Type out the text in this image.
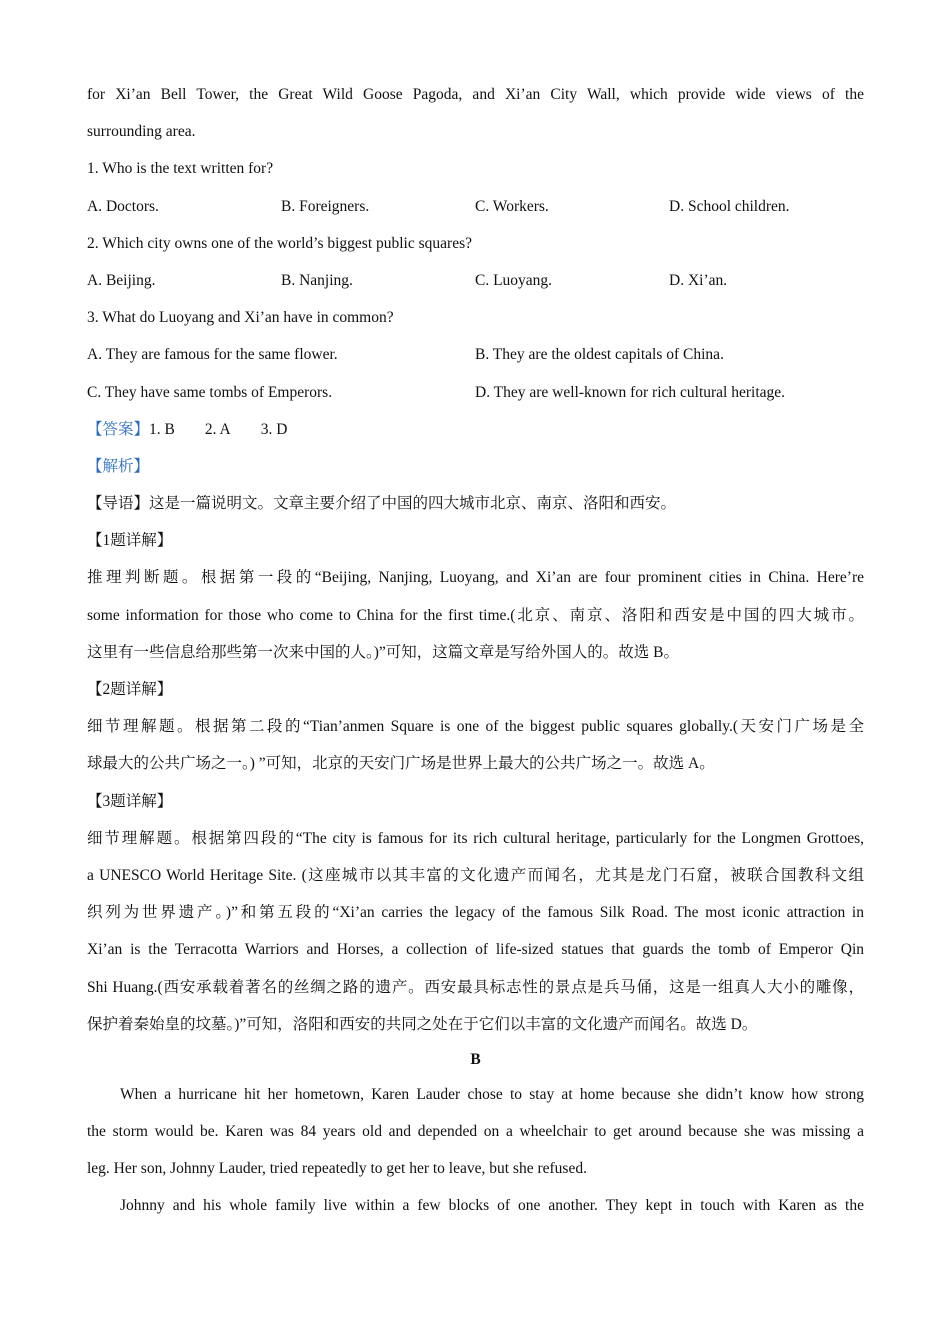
for Xi’an Bell Tower, the Great Wild Goose Pagoda, and Xi’an City Wall, which provide wide views of the
surrounding area.
1. Who is the text written for?
A. Doctors.	B. Foreigners.	C. Workers.	D. School children.
2. Which city owns one of the world’s biggest public squares?
A. Beijing.	B. Nanjing.	C. Luoyang.	D. Xi’an.
3. What do Luoyang and Xi’an have in common?
A. They are famous for the same flower.	B. They are the oldest capitals of China.
C. They have same tombs of Emperors.	D. They are well-known for rich cultural heritage.
【答案】1. B 2. A 3. D
【解析】
【导语】这是一篇说明文。文章主要介绍了中国的四大城市北京、南京、洛阳和西安。
【1题详解】
推理判断题。根据第一段的“Beijing, Nanjing, Luoyang, and Xi’an are four prominent cities in China. Here’re
some information for those who come to China for the first time.(北京、南京、洛阳和西安是中国的四大城市。
这里有一些信息给那些第一次来中国的人。)”可知，这篇文章是写给外国人的。故选 B。
【2题详解】
细节理解题。根据第二段的“Tian’anmen Square is one of the biggest public squares globally.(天安门广场是全
球最大的公共广场之一。) ”可知，北京的天安门广场是世界上最大的公共广场之一。故选 A。
【3题详解】
细节理解题。根据第四段的“The city is famous for its rich cultural heritage, particularly for the Longmen Grottoes,
a UNESCO World Heritage Site. (这座城市以其丰富的文化遗产而闻名，尤其是龙门石窟，被联合国教科文组
织列为世界遗产。)”和第五段的“Xi’an carries the legacy of the famous Silk Road. The most iconic attraction in
Xi’an is the Terracotta Warriors and Horses, a collection of life-sized statues that guards the tomb of Emperor Qin
Shi Huang.(西安承载着著名的丝绸之路的遗产。西安最具标志性的景点是兵马俑，这是一组真人大小的雕像，
保护着秦始皇的坟墓。)”可知，洛阳和西安的共同之处在于它们以丰富的文化遗产而闻名。故选 D。
B
When a hurricane hit her hometown, Karen Lauder chose to stay at home because she didn’t know how strong
the storm would be. Karen was 84 years old and depended on a wheelchair to get around because she was missing a
leg. Her son, Johnny Lauder, tried repeatedly to get her to leave, but she refused.
Johnny and his whole family live within a few blocks of one another. They kept in touch with Karen as the
